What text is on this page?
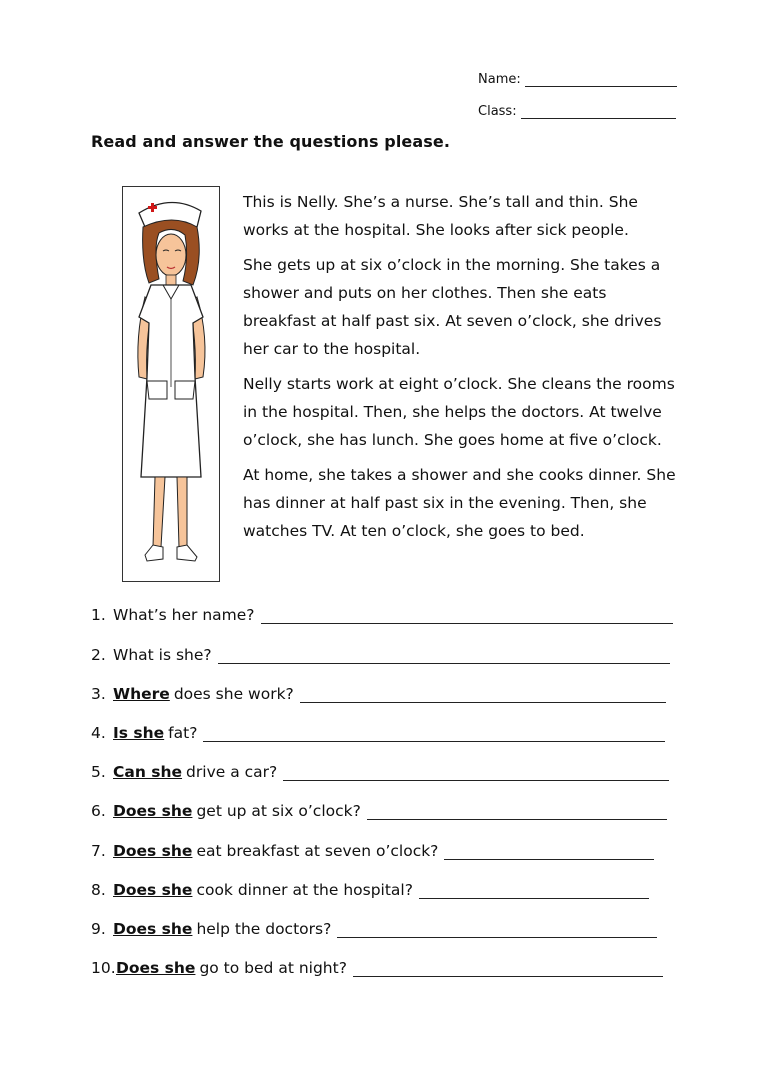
Name:
Class:
Read and answer the questions please.

This is Nelly. She’s a nurse. She’s tall and thin. She works at the hospital. She looks after sick people.

She gets up at six o’clock in the morning. She takes a shower and puts on her clothes. Then she eats breakfast at half past six. At seven o’clock, she drives her car to the hospital.

Nelly starts work at eight o’clock. She cleans the rooms in the hospital. Then, she helps the doctors. At twelve o’clock, she has lunch. She goes home at five o’clock.

At home, she takes a shower and she cooks dinner. She has dinner at half past six in the evening. Then, she watches TV. At ten o’clock, she goes to bed.

1. What’s her name?
2. What is she?
3. Where does she work?
4. Is she fat?
5. Can she drive a car?
6. Does she get up at six o’clock?
7. Does she eat breakfast at seven o’clock?
8. Does she cook dinner at the hospital?
9. Does she help the doctors?
10. Does she go to bed at night?
